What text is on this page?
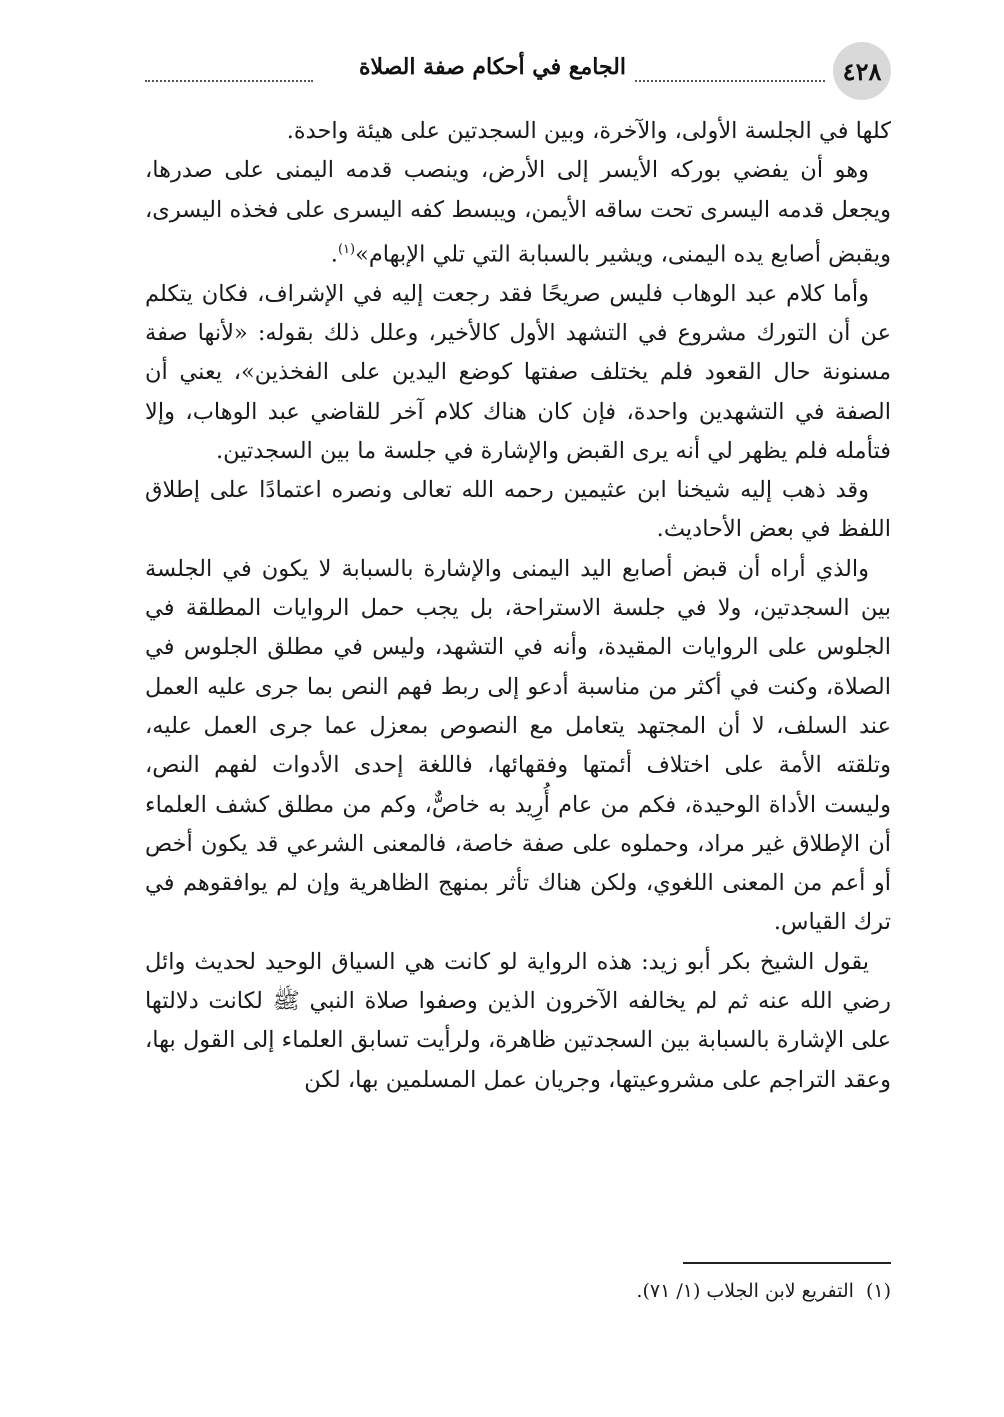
٤٢٨
الجامع في أحكام صفة الصلاة

كلها في الجلسة الأولى، والآخرة، وبين السجدتين على هيئة واحدة.

وهو أن يفضي بوركه الأيسر إلى الأرض، وينصب قدمه اليمنى على صدرها، ويجعل قدمه اليسرى تحت ساقه الأيمن، ويبسط كفه اليسرى على فخذه اليسرى، ويقبض أصابع يده اليمنى، ويشير بالسبابة التي تلي الإبهام»$^{(١)}$.

وأما كلام عبد الوهاب فليس صريحًا فقد رجعت إليه في الإشراف، فكان يتكلم عن أن التورك مشروع في التشهد الأول كالأخير، وعلل ذلك بقوله: «لأنها صفة مسنونة حال القعود فلم يختلف صفتها كوضع اليدين على الفخذين»، يعني أن الصفة في التشهدين واحدة، فإن كان هناك كلام آخر للقاضي عبد الوهاب، وإلا فتأمله فلم يظهر لي أنه يرى القبض والإشارة في جلسة ما بين السجدتين.

وقد ذهب إليه شيخنا ابن عثيمين رحمه الله تعالى ونصره اعتمادًا على إطلاق اللفظ في بعض الأحاديث.

والذي أراه أن قبض أصابع اليد اليمنى والإشارة بالسبابة لا يكون في الجلسة بين السجدتين، ولا في جلسة الاستراحة، بل يجب حمل الروايات المطلقة في الجلوس على الروايات المقيدة، وأنه في التشهد، وليس في مطلق الجلوس في الصلاة، وكنت في أكثر من مناسبة أدعو إلى ربط فهم النص بما جرى عليه العمل عند السلف، لا أن المجتهد يتعامل مع النصوص بمعزل عما جرى العمل عليه، وتلقته الأمة على اختلاف أئمتها وفقهائها، فاللغة إحدى الأدوات لفهم النص، وليست الأداة الوحيدة، فكم من عام أُرِيد به خاصٌّ، وكم من مطلق كشف العلماء أن الإطلاق غير مراد، وحملوه على صفة خاصة، فالمعنى الشرعي قد يكون أخص أو أعم من المعنى اللغوي، ولكن هناك تأثر بمنهج الظاهرية وإن لم يوافقوهم في ترك القياس.

يقول الشيخ بكر أبو زيد: هذه الرواية لو كانت هي السياق الوحيد لحديث وائل رضي الله عنه ثم لم يخالفه الآخرون الذين وصفوا صلاة النبي ﷺ لكانت دلالتها على الإشارة بالسبابة بين السجدتين ظاهرة، ولرأيت تسابق العلماء إلى القول بها، وعقد التراجم على مشروعيتها، وجريان عمل المسلمين بها، لكن

(١)التفريع لابن الجلاب (١/ ٧١).
